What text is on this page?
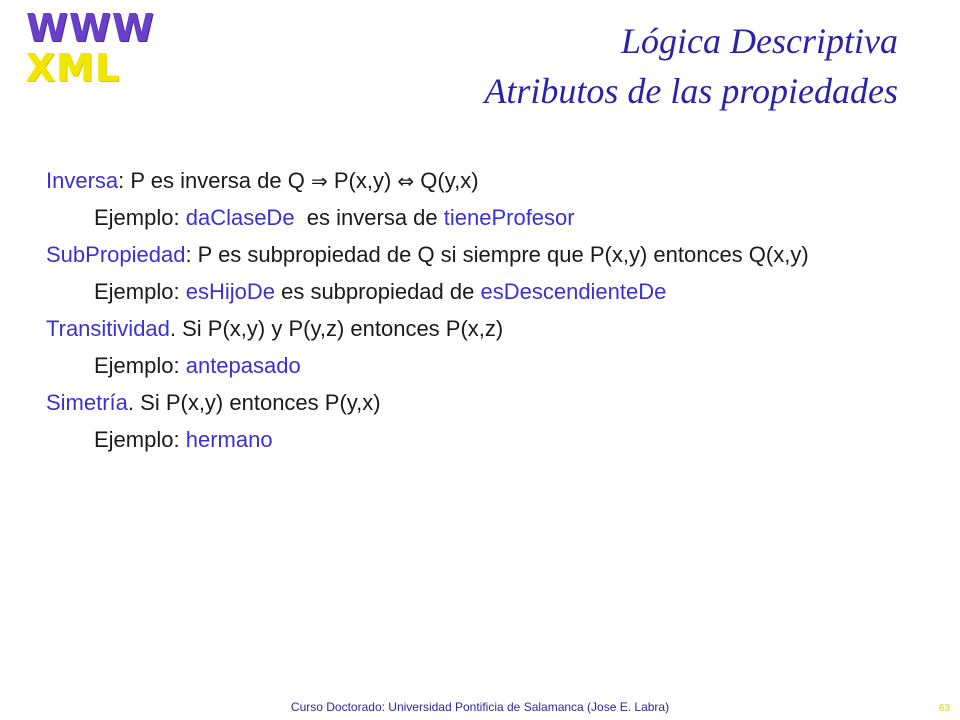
WWW
XML
Lógica Descriptiva
Atributos de las propiedades
Inversa: P es inversa de Q ⇒ P(x,y) ⇔ Q(y,x)
Ejemplo: daClaseDe  es inversa de tieneProfesor
SubPropiedad: P es subpropiedad de Q si siempre que P(x,y) entonces Q(x,y)
Ejemplo: esHijoDe es subpropiedad de esDescendienteDe
Transitividad. Si P(x,y) y P(y,z) entonces P(x,z)
Ejemplo: antepasado
Simetría. Si P(x,y) entonces P(y,x)
Ejemplo: hermano
Curso Doctorado: Universidad Pontificia de Salamanca (Jose E. Labra)	63
